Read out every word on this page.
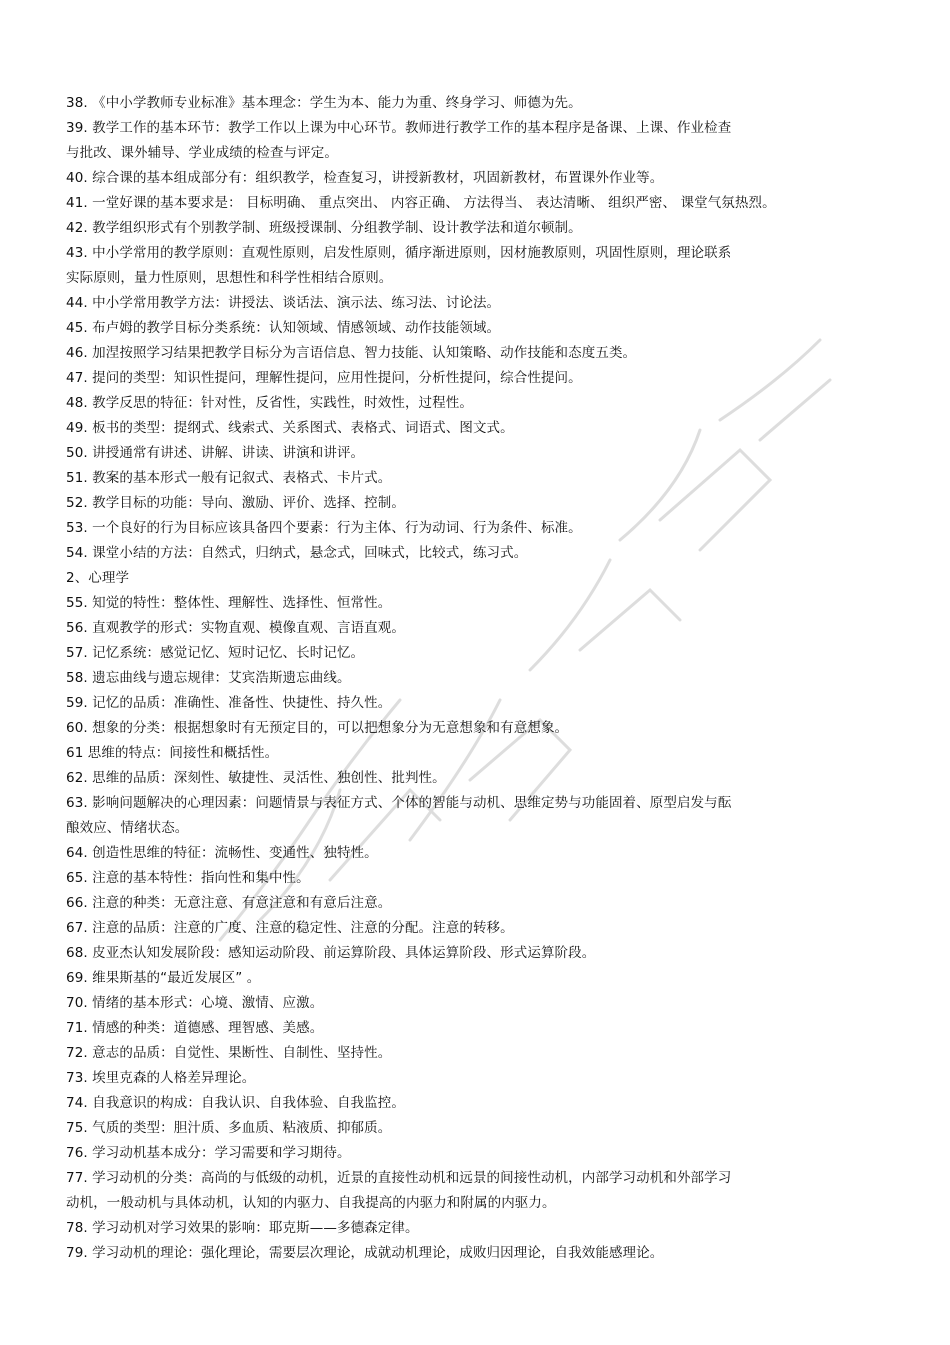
38. 《中小学教师专业标准》基本理念：学生为本、能力为重、终身学习、师德为先。
39. 教学工作的基本环节：教学工作以上课为中心环节。教师进行教学工作的基本程序是备课、上课、作业检查
与批改、课外辅导、学业成绩的检查与评定。
40. 综合课的基本组成部分有：组织教学，检查复习，讲授新教材，巩固新教材，布置课外作业等。
41. 一堂好课的基本要求是： 目标明确、 重点突出、 内容正确、 方法得当、 表达清晰、 组织严密、 课堂气氛热烈。
42. 教学组织形式有个别教学制、班级授课制、分组教学制、设计教学法和道尔顿制。
43. 中小学常用的教学原则：直观性原则，启发性原则，循序渐进原则，因材施教原则，巩固性原则，理论联系
实际原则，量力性原则，思想性和科学性相结合原则。
44. 中小学常用教学方法：讲授法、谈话法、演示法、练习法、讨论法。
45. 布卢姆的教学目标分类系统：认知领域、情感领域、动作技能领域。
46. 加涅按照学习结果把教学目标分为言语信息、智力技能、认知策略、动作技能和态度五类。
47. 提问的类型：知识性提问，理解性提问，应用性提问，分析性提问，综合性提问。
48. 教学反思的特征：针对性，反省性，实践性，时效性，过程性。
49. 板书的类型：提纲式、线索式、关系图式、表格式、词语式、图文式。
50. 讲授通常有讲述、讲解、讲读、讲演和讲评。
51. 教案的基本形式一般有记叙式、表格式、卡片式。
52. 教学目标的功能：导向、激励、评价、选择、控制。
53. 一个良好的行为目标应该具备四个要素：行为主体、行为动词、行为条件、标准。
54. 课堂小结的方法：自然式，归纳式，悬念式，回味式，比较式，练习式。
2、心理学
55. 知觉的特性：整体性、理解性、选择性、恒常性。
56. 直观教学的形式：实物直观、模像直观、言语直观。
57. 记忆系统：感觉记忆、短时记忆、长时记忆。
58. 遗忘曲线与遗忘规律：艾宾浩斯遗忘曲线。
59. 记忆的品质：准确性、准备性、快捷性、持久性。
60. 想象的分类：根据想象时有无预定目的，可以把想象分为无意想象和有意想象。
61 思维的特点：间接性和概括性。
62. 思维的品质：深刻性、敏捷性、灵活性、独创性、批判性。
63. 影响问题解决的心理因素：问题情景与表征方式、个体的智能与动机、思维定势与功能固着、原型启发与酝
酿效应、情绪状态。
64. 创造性思维的特征：流畅性、变通性、独特性。
65. 注意的基本特性：指向性和集中性。
66. 注意的种类：无意注意、有意注意和有意后注意。
67. 注意的品质：注意的广度、注意的稳定性、注意的分配。注意的转移。
68. 皮亚杰认知发展阶段：感知运动阶段、前运算阶段、具体运算阶段、形式运算阶段。
69. 维果斯基的“最近发展区” 。
70. 情绪的基本形式：心境、激情、应激。
71. 情感的种类：道德感、理智感、美感。
72. 意志的品质：自觉性、果断性、自制性、坚持性。
73. 埃里克森的人格差异理论。
74. 自我意识的构成：自我认识、自我体验、自我监控。
75. 气质的类型：胆汁质、多血质、粘液质、抑郁质。
76. 学习动机基本成分：学习需要和学习期待。
77. 学习动机的分类：高尚的与低级的动机，近景的直接性动机和远景的间接性动机，内部学习动机和外部学习
动机，一般动机与具体动机，认知的内驱力、自我提高的内驱力和附属的内驱力。
78. 学习动机对学习效果的影响：耶克斯——多德森定律。
79. 学习动机的理论：强化理论，需要层次理论，成就动机理论，成败归因理论，自我效能感理论。
